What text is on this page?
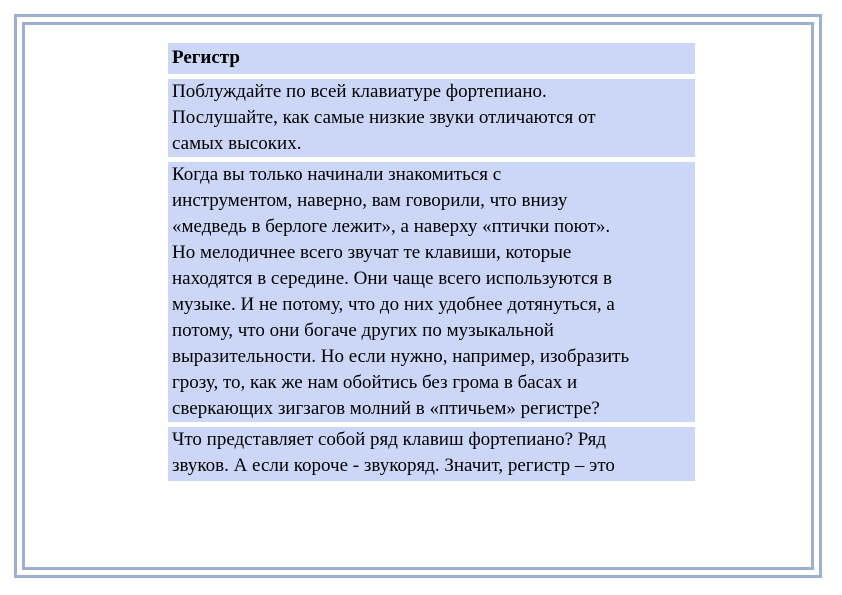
Регистр
Поблуждайте по всей клавиатуре фортепиано.
Послушайте, как самые низкие звуки отличаются от
самых высоких.
Когда вы только начинали знакомиться с
инструментом, наверно, вам говорили, что внизу
«медведь в берлоге лежит», а наверху «птички поют».
Но мелодичнее всего звучат те клавиши, которые
находятся в середине. Они чаще всего используются в
музыке. И не потому, что до них удобнее дотянуться, а
потому, что они богаче других по музыкальной
выразительности. Но если нужно, например, изобразить
грозу, то, как же нам обойтись без грома в басах и
сверкающих зигзагов молний в «птичьем» регистре?
Что представляет собой ряд клавиш фортепиано? Ряд
звуков. А если короче - звукоряд. Значит, регистр – это
